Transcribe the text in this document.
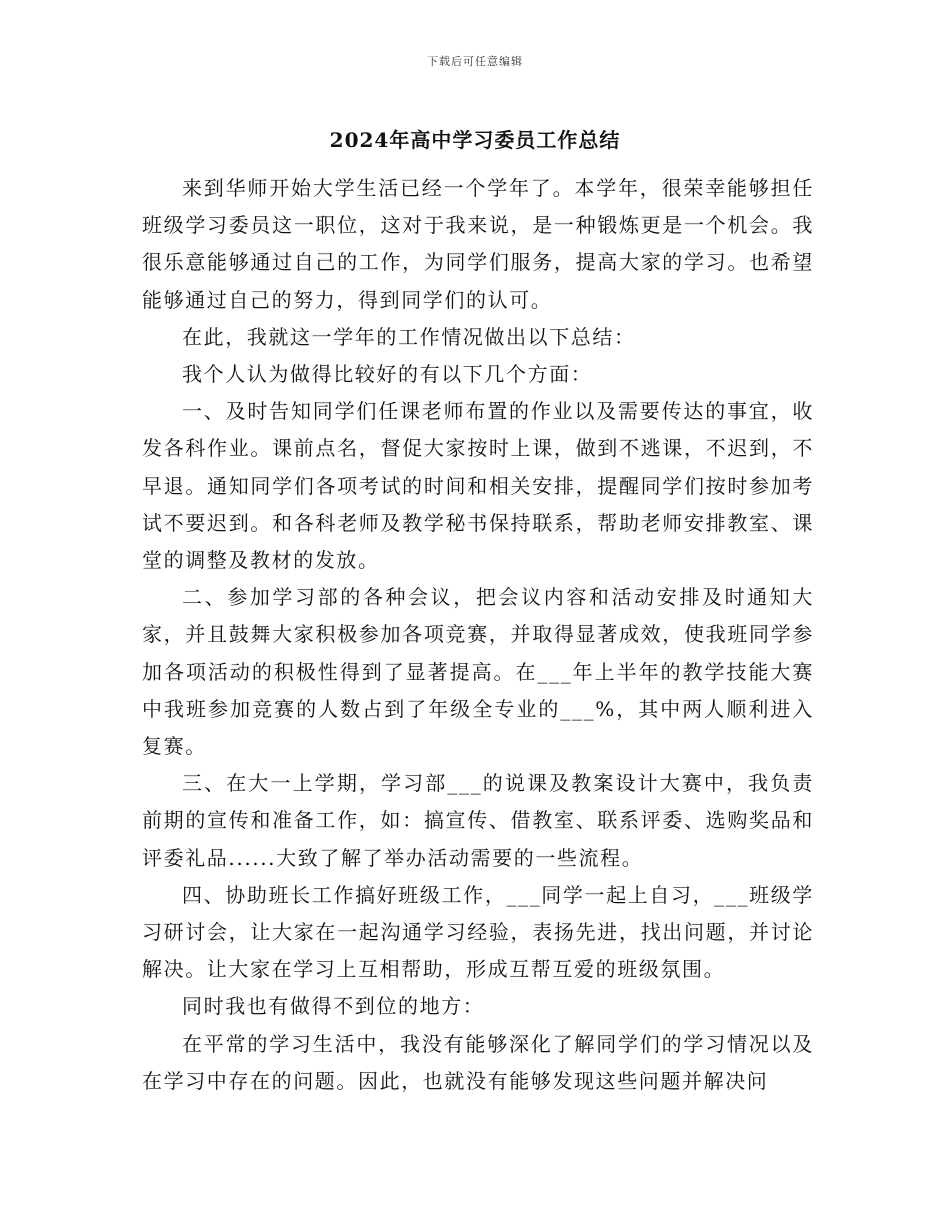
下载后可任意编辑
2024年高中学习委员工作总结

来到华师开始大学生活已经一个学年了。本学年，很荣幸能够担任班级学习委员这一职位，这对于我来说，是一种锻炼更是一个机会。我很乐意能够通过自己的工作，为同学们服务，提高大家的学习。也希望能够通过自己的努力，得到同学们的认可。

在此，我就这一学年的工作情况做出以下总结：

我个人认为做得比较好的有以下几个方面：

一、及时告知同学们任课老师布置的作业以及需要传达的事宜，收发各科作业。课前点名，督促大家按时上课，做到不逃课，不迟到，不早退。通知同学们各项考试的时间和相关安排，提醒同学们按时参加考试不要迟到。和各科老师及教学秘书保持联系，帮助老师安排教室、课堂的调整及教材的发放。

二、参加学习部的各种会议，把会议内容和活动安排及时通知大家，并且鼓舞大家积极参加各项竞赛，并取得显著成效，使我班同学参加各项活动的积极性得到了显著提高。在___年上半年的教学技能大赛中我班参加竞赛的人数占到了年级全专业的___%，其中两人顺利进入复赛。

三、在大一上学期，学习部___的说课及教案设计大赛中，我负责前期的宣传和准备工作，如：搞宣传、借教室、联系评委、选购奖品和评委礼品......大致了解了举办活动需要的一些流程。

四、协助班长工作搞好班级工作，___同学一起上自习，___班级学习研讨会，让大家在一起沟通学习经验，表扬先进，找出问题，并讨论解决。让大家在学习上互相帮助，形成互帮互爱的班级氛围。

同时我也有做得不到位的地方：

在平常的学习生活中，我没有能够深化了解同学们的学习情况以及在学习中存在的问题。因此，也就没有能够发现这些问题并解决问
